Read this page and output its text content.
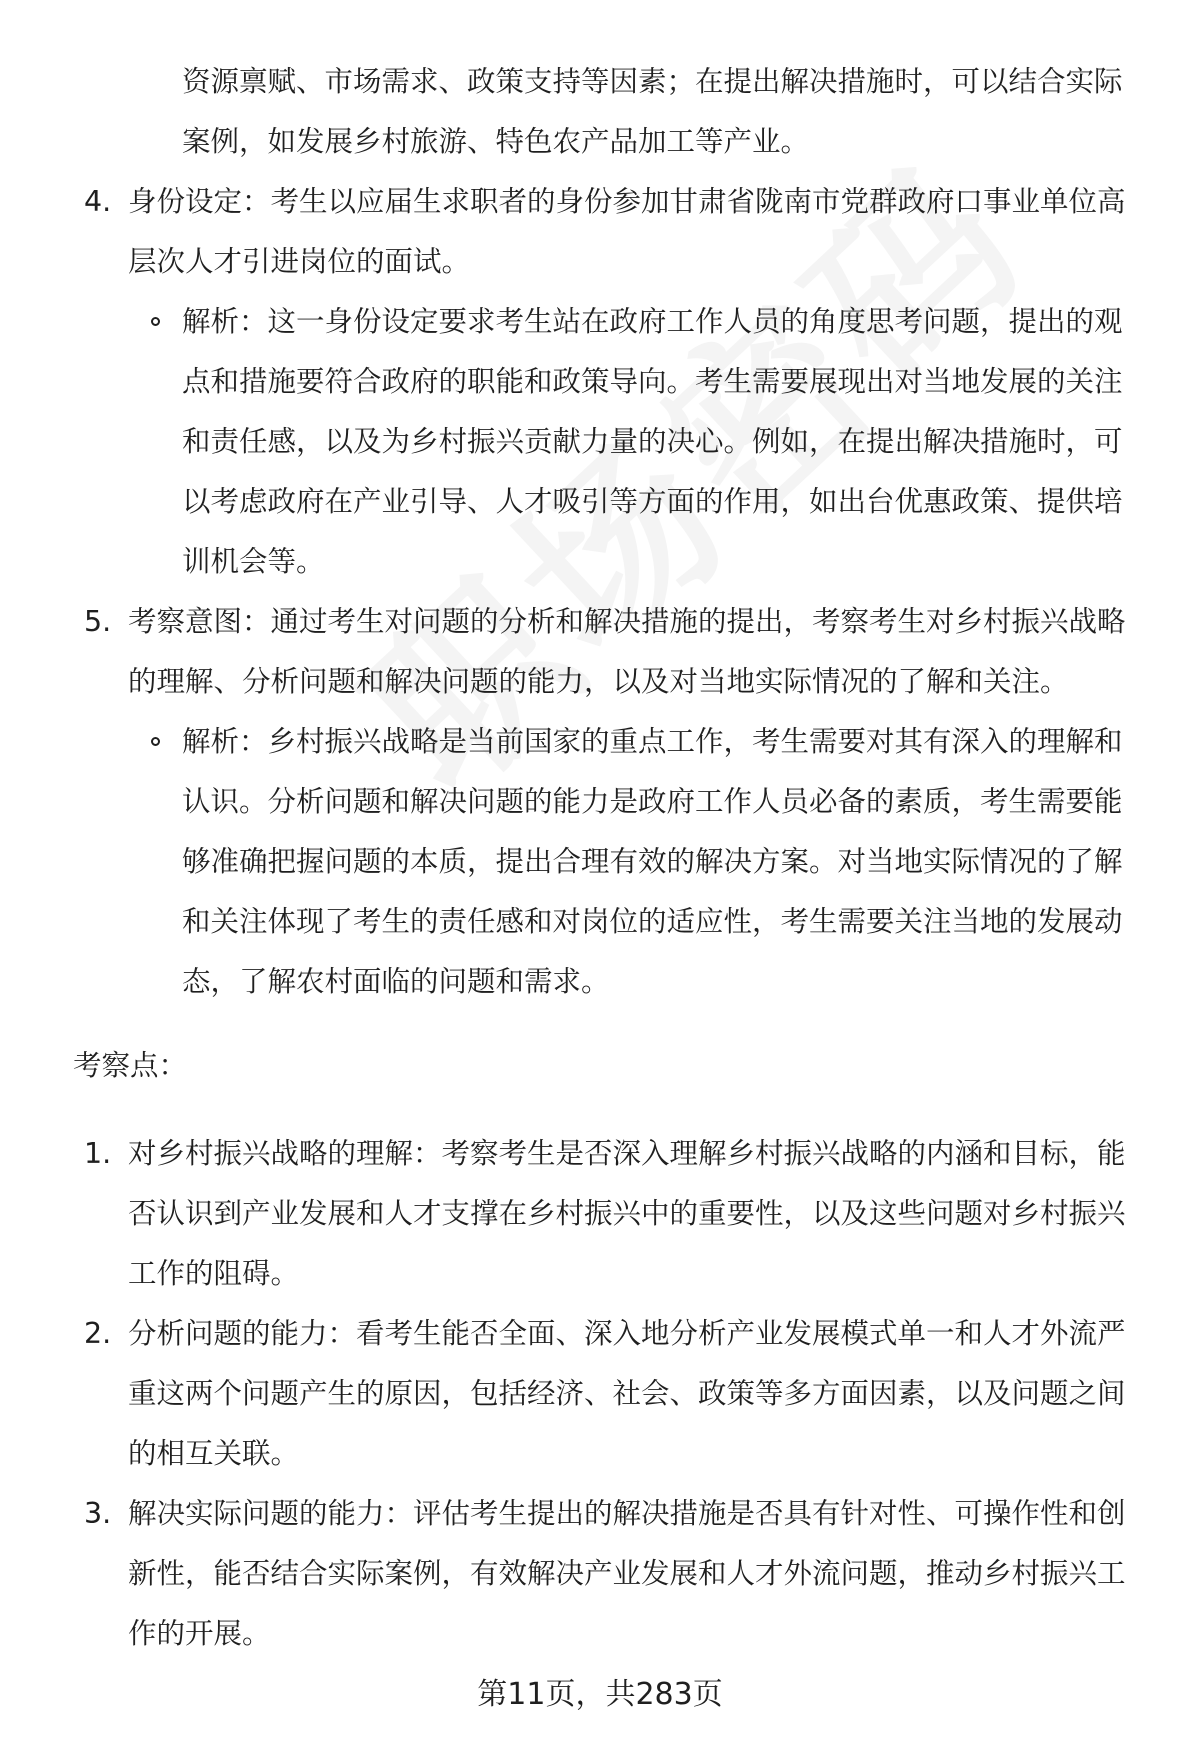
资源禀赋、市场需求、政策支持等因素；在提出解决措施时，可以结合实际案例，如发展乡村旅游、特色农产品加工等产业。

4. 身份设定：考生以应届生求职者的身份参加甘肃省陇南市党群政府口事业单位高层次人才引进岗位的面试。

解析：这一身份设定要求考生站在政府工作人员的角度思考问题，提出的观点和措施要符合政府的职能和政策导向。考生需要展现出对当地发展的关注和责任感，以及为乡村振兴贡献力量的决心。例如，在提出解决措施时，可以考虑政府在产业引导、人才吸引等方面的作用，如出台优惠政策、提供培训机会等。

5. 考察意图：通过考生对问题的分析和解决措施的提出，考察考生对乡村振兴战略的理解、分析问题和解决问题的能力，以及对当地实际情况的了解和关注。

解析：乡村振兴战略是当前国家的重点工作，考生需要对其有深入的理解和认识。分析问题和解决问题的能力是政府工作人员必备的素质，考生需要能够准确把握问题的本质，提出合理有效的解决方案。对当地实际情况的了解和关注体现了考生的责任感和对岗位的适应性，考生需要关注当地的发展动态，了解农村面临的问题和需求。

考察点：

1. 对乡村振兴战略的理解：考察考生是否深入理解乡村振兴战略的内涵和目标，能否认识到产业发展和人才支撑在乡村振兴中的重要性，以及这些问题对乡村振兴工作的阻碍。

2. 分析问题的能力：看考生能否全面、深入地分析产业发展模式单一和人才外流严重这两个问题产生的原因，包括经济、社会、政策等多方面因素，以及问题之间的相互关联。

3. 解决实际问题的能力：评估考生提出的解决措施是否具有针对性、可操作性和创新性，能否结合实际案例，有效解决产业发展和人才外流问题，推动乡村振兴工作的开展。

第11页，共283页
